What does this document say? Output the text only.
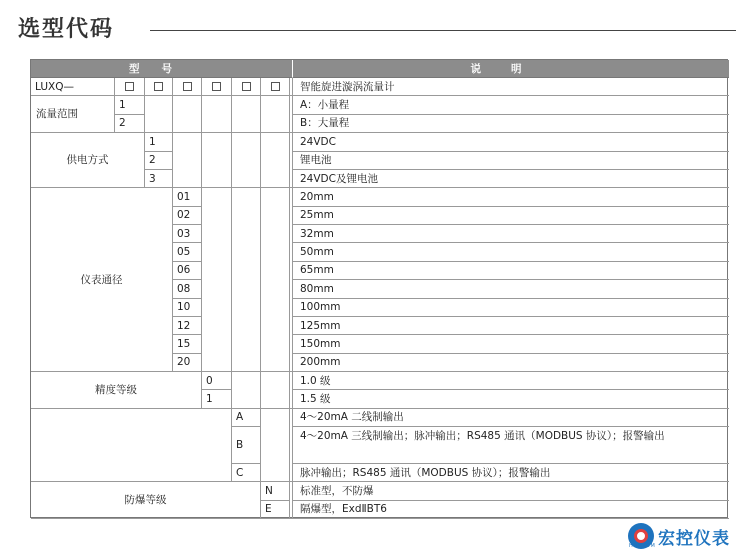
选型代码
型号	说明
LUXQ—	智能旋进漩涡流量计
流量范围
1
2
A：小量程
B：大量程
供电方式
1
2
3
24VDC
锂电池
24VDC及锂电池
仪表通径
01
02
03
05
06
08
10
12
15
20
20mm
25mm
32mm
50mm
65mm
80mm
100mm
125mm
150mm
200mm
精度等级
0
1
1.0 级
1.5 级
A
B
C
4～20mA 二线制输出
4～20mA 三线制输出；脉冲输出；RS485 通讯（MODBUS 协议）；报警输出
脉冲输出；RS485 通讯（MODBUS 协议）；报警输出
防爆等级
N
E
标准型，不防爆
隔爆型，ExdⅡBT6
宏控仪表
HOMKOM
